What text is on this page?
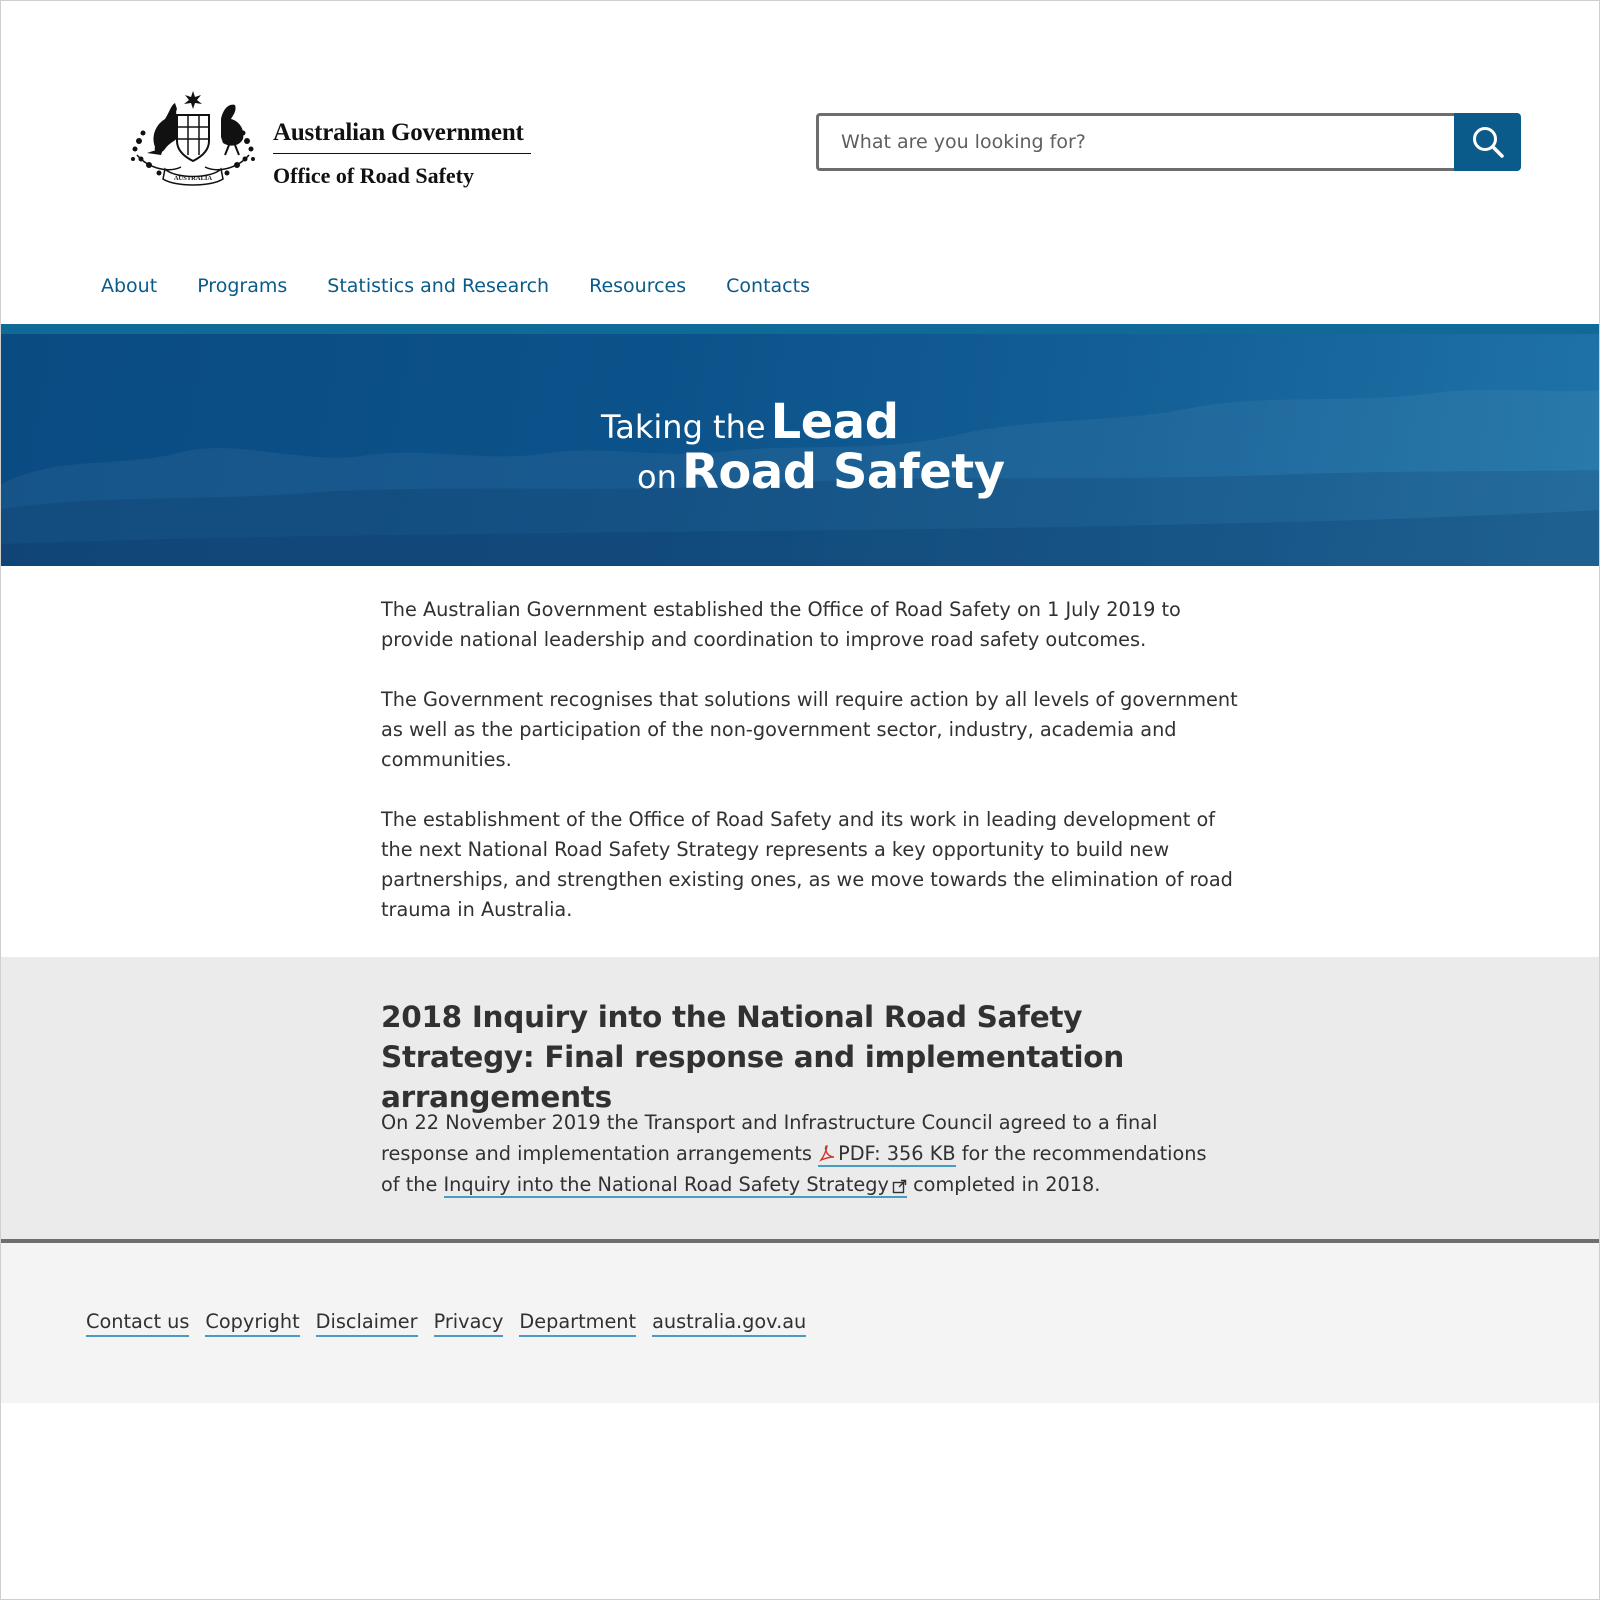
AUSTRALIA
Australian Government
Office of Road Safety
What are you looking for?
About Programs Statistics and Research Resources Contacts
Taking the Lead
on Road Safety

The Australian Government established the Office of Road Safety on 1 July 2019 to provide national leadership and coordination to improve road safety outcomes.

The Government recognises that solutions will require action by all levels of government as well as the participation of the non-government sector, industry, academia and communities.

The establishment of the Office of Road Safety and its work in leading development of the next National Road Safety Strategy represents a key opportunity to build new partnerships, and strengthen existing ones, as we move towards the elimination of road trauma in Australia.

2018 Inquiry into the National Road Safety Strategy: Final response and implementation arrangements

On 22 November 2019 the Transport and Infrastructure Council agreed to a final response and implementation arrangements PDF: 356 KB for the recommendations of the Inquiry into the National Road Safety Strategy completed in 2018.

Contact us Copyright Disclaimer Privacy Department australia.gov.au
